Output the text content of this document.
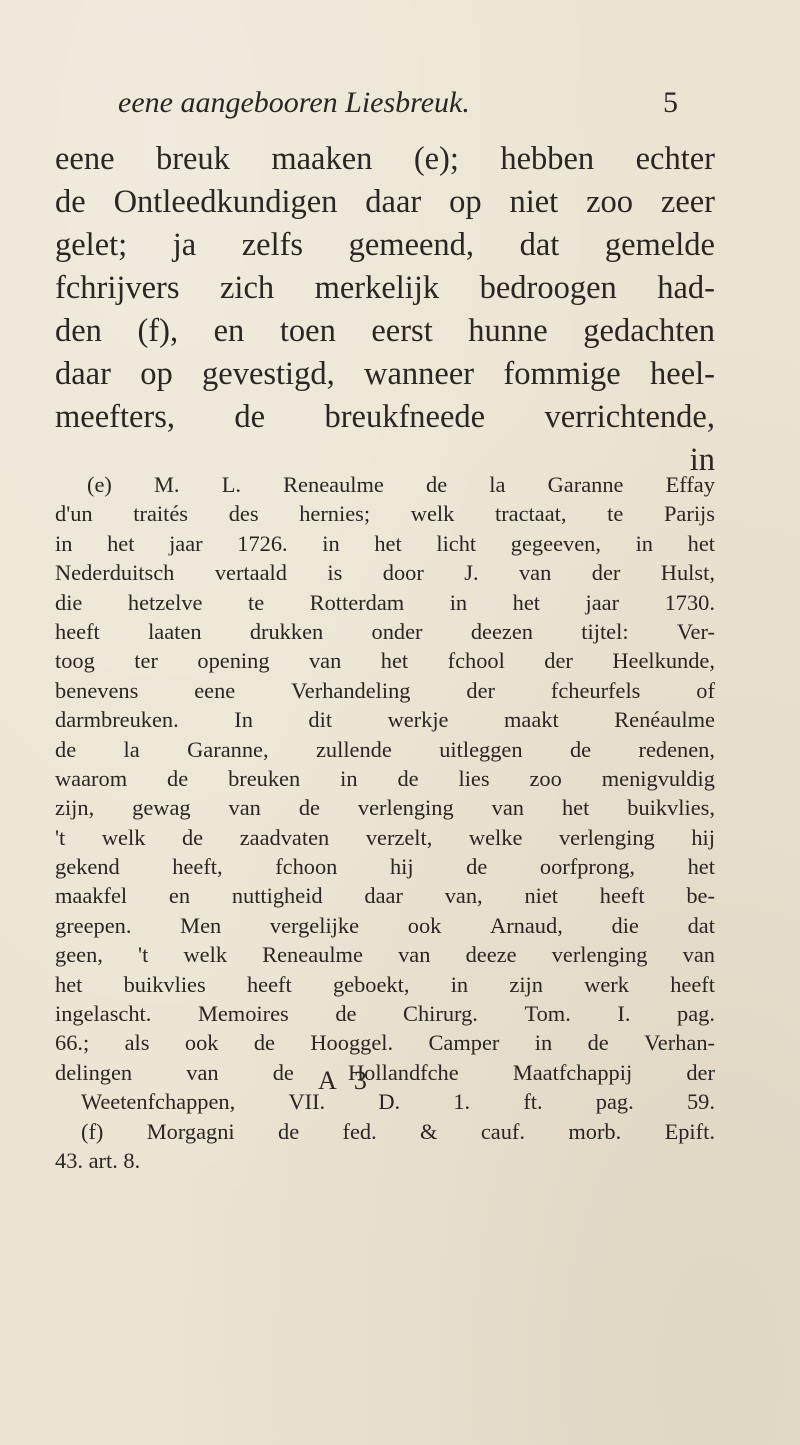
eene aangebooren Liesbreuk.	5
eene breuk maaken (e); hebben echter
de Ontleedkundigen daar op niet zoo zeer
gelet; ja zelfs gemeend, dat gemelde
fchrijvers zich merkelijk bedroogen had-
den (f), en toen eerst hunne gedachten
daar op gevestigd, wanneer fommige heel-
meefters, de breukfneede verrichtende,
in
(e) M. L. Reneaulme de la Garanne Effay
d'un traités des hernies; welk tractaat, te Parijs
in het jaar 1726. in het licht gegeeven, in het
Nederduitsch vertaald is door J. van der Hulst,
die hetzelve te Rotterdam in het jaar 1730.
heeft laaten drukken onder deezen tijtel: Ver-
toog ter opening van het fchool der Heelkunde,
benevens eene Verhandeling der fcheurfels of
darmbreuken. In dit werkje maakt Renéaulme
de la Garanne, zullende uitleggen de redenen,
waarom de breuken in de lies zoo menigvuldig
zijn, gewag van de verlenging van het buikvlies,
't welk de zaadvaten verzelt, welke verlenging hij
gekend heeft, fchoon hij de oorfprong, het
maakfel en nuttigheid daar van, niet heeft be-
greepen. Men vergelijke ook Arnaud, die dat
geen, 't welk Reneaulme van deeze verlenging van
het buikvlies heeft geboekt, in zijn werk heeft
ingelascht. Memoires de Chirurg. Tom. I. pag.
66.; als ook de Hooggel. Camper in de Verhan-
delingen van de Hollandfche Maatfchappij der
Weetenfchappen, VII. D. 1. ft. pag. 59.
(f) Morgagni de fed. & cauf. morb. Epift.
43. art. 8.
A 3
